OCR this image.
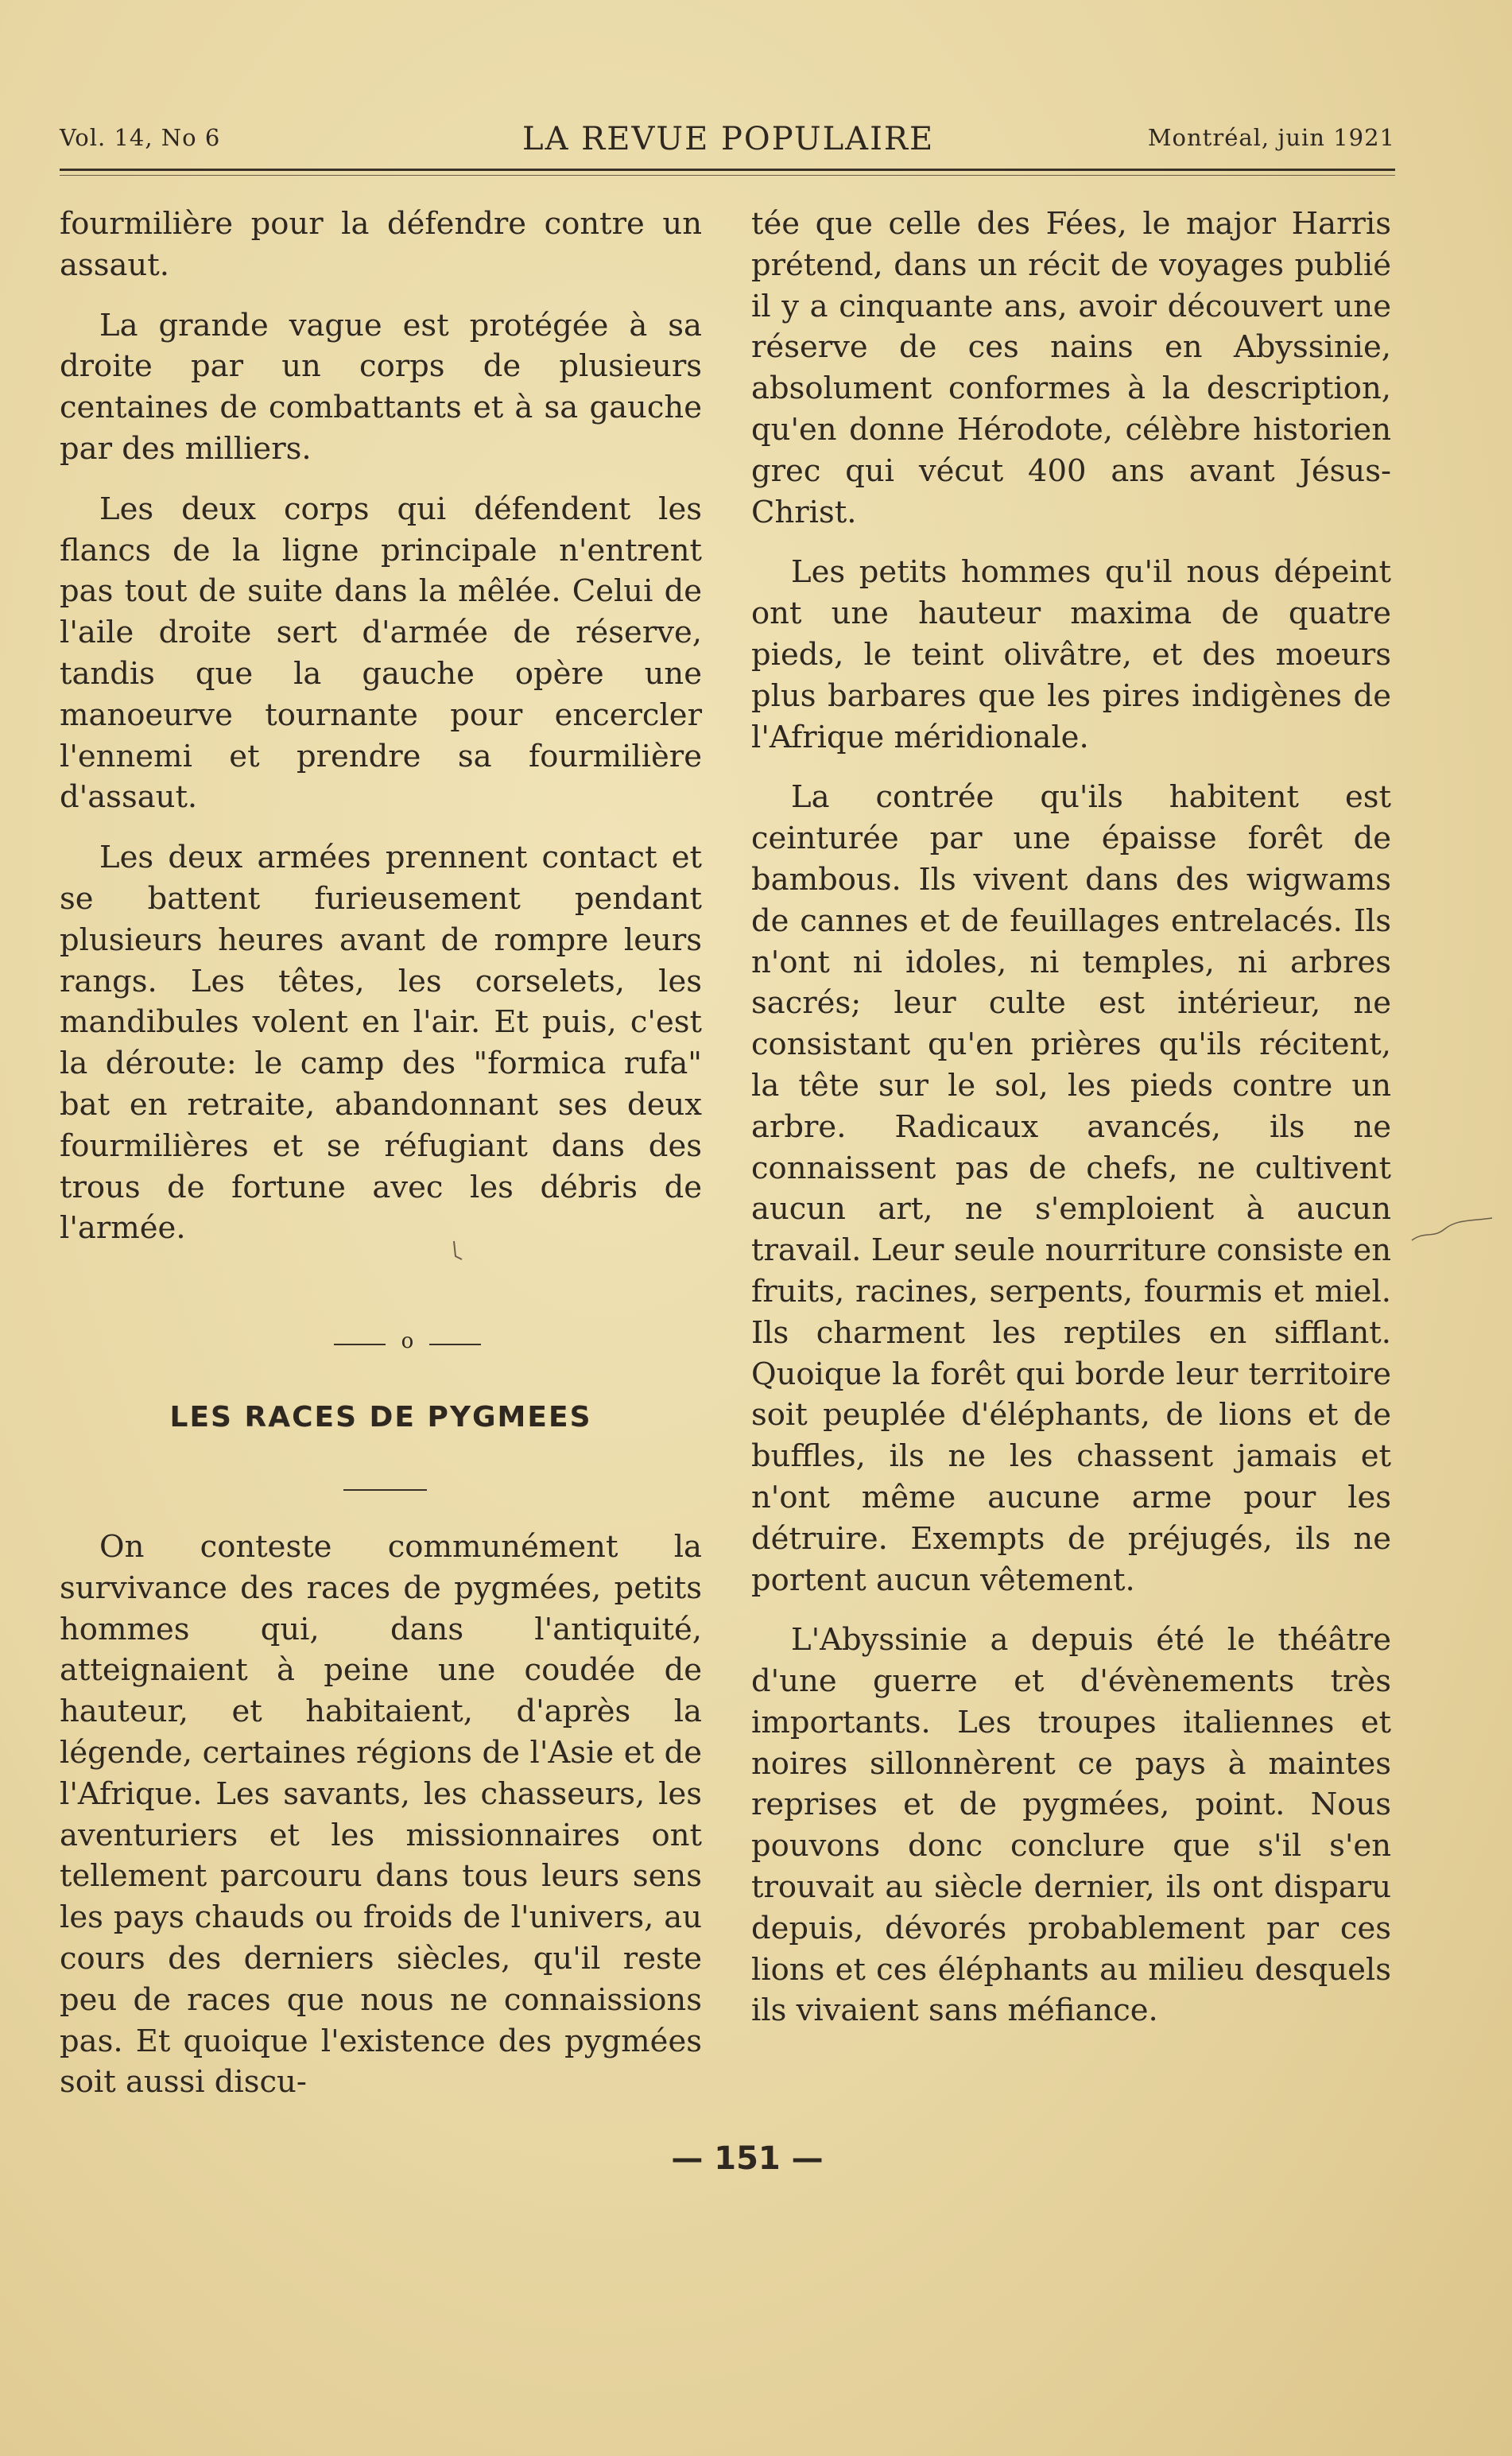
Vol. 14, No 6	LA REVUE POPULAIRE	Montréal, juin 1921

fourmilière pour la défendre contre un assaut.

La grande vague est protégée à sa droite par un corps de plusieurs centaines de combattants et à sa gauche par des milliers.

Les deux corps qui défendent les flancs de la ligne principale n'entrent pas tout de suite dans la mêlée. Celui de l'aile droite sert d'armée de réserve, tandis que la gauche opère une manoeurve tournante pour encercler l'ennemi et prendre sa fourmilière d'assaut.

Les deux armées prennent contact et se battent furieusement pendant plusieurs heures avant de rompre leurs rangs. Les têtes, les corselets, les mandibules volent en l'air. Et puis, c'est la déroute: le camp des "formica rufa" bat en retraite, abandonnant ses deux fourmilières et se réfugiant dans des trous de fortune avec les débris de l'armée.

o
LES RACES DE PYGMEES

On conteste communément la survivance des races de pygmées, petits hommes qui, dans l'antiquité, atteignaient à peine une coudée de hauteur, et habitaient, d'après la légende, certaines régions de l'Asie et de l'Afrique. Les savants, les chasseurs, les aventuriers et les missionnaires ont tellement parcouru dans tous leurs sens les pays chauds ou froids de l'univers, au cours des derniers siècles, qu'il reste peu de races que nous ne connaissions pas. Et quoique l'existence des pygmées soit aussi discu-

tée que celle des Fées, le major Harris prétend, dans un récit de voyages publié il y a cinquante ans, avoir découvert une réserve de ces nains en Abyssinie, absolument conformes à la description, qu'en donne Hérodote, célèbre historien grec qui vécut 400 ans avant Jésus-Christ.

Les petits hommes qu'il nous dépeint ont une hauteur maxima de quatre pieds, le teint olivâtre, et des moeurs plus barbares que les pires indigènes de l'Afrique méridionale.

La contrée qu'ils habitent est ceinturée par une épaisse forêt de bambous. Ils vivent dans des wigwams de cannes et de feuillages entrelacés. Ils n'ont ni idoles, ni temples, ni arbres sacrés; leur culte est intérieur, ne consistant qu'en prières qu'ils récitent, la tête sur le sol, les pieds contre un arbre. Radicaux avancés, ils ne connaissent pas de chefs, ne cultivent aucun art, ne s'emploient à aucun travail. Leur seule nourriture consiste en fruits, racines, serpents, fourmis et miel. Ils charment les reptiles en sifflant. Quoique la forêt qui borde leur territoire soit peuplée d'éléphants, de lions et de buffles, ils ne les chassent jamais et n'ont même aucune arme pour les détruire. Exempts de préjugés, ils ne portent aucun vêtement.

L'Abyssinie a depuis été le théâtre d'une guerre et d'évènements très importants. Les troupes italiennes et noires sillonnèrent ce pays à maintes reprises et de pygmées, point. Nous pouvons donc conclure que s'il s'en trouvait au siècle dernier, ils ont disparu depuis, dévorés probablement par ces lions et ces éléphants au milieu desquels ils vivaient sans méfiance.

— 151 —
